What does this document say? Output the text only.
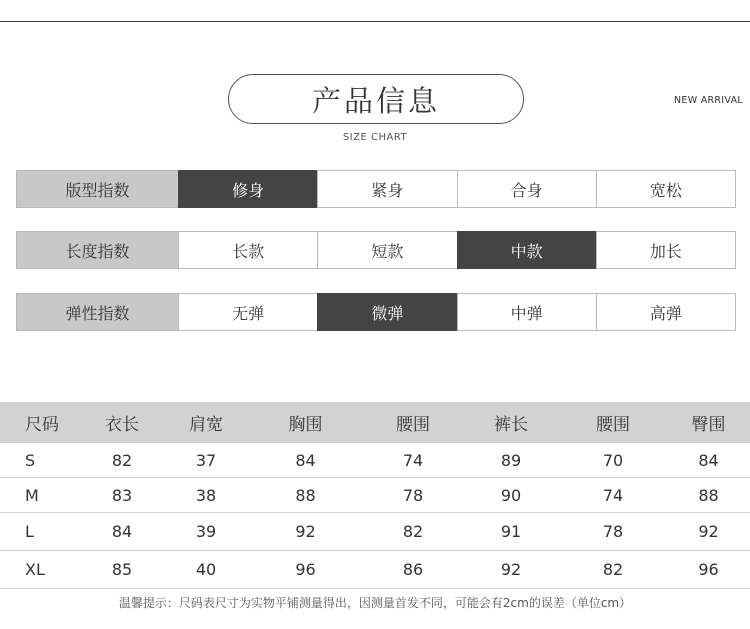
产品信息
SIZE CHART
NEW ARRIVAL
版型指数	修身	紧身	合身	宽松
长度指数	长款	短款	中款	加长
弹性指数	无弹	微弹	中弹	高弹
尺码	衣长	肩宽	胸围	腰围	裤长	腰围	臀围
S	82	37	84	74	89	70	84
M	83	38	88	78	90	74	88
L	84	39	92	82	91	78	92
XL	85	40	96	86	92	82	96
温馨提示：尺码表尺寸为实物平铺测量得出，因测量首发不同，可能会有2cm的误差（单位cm）
